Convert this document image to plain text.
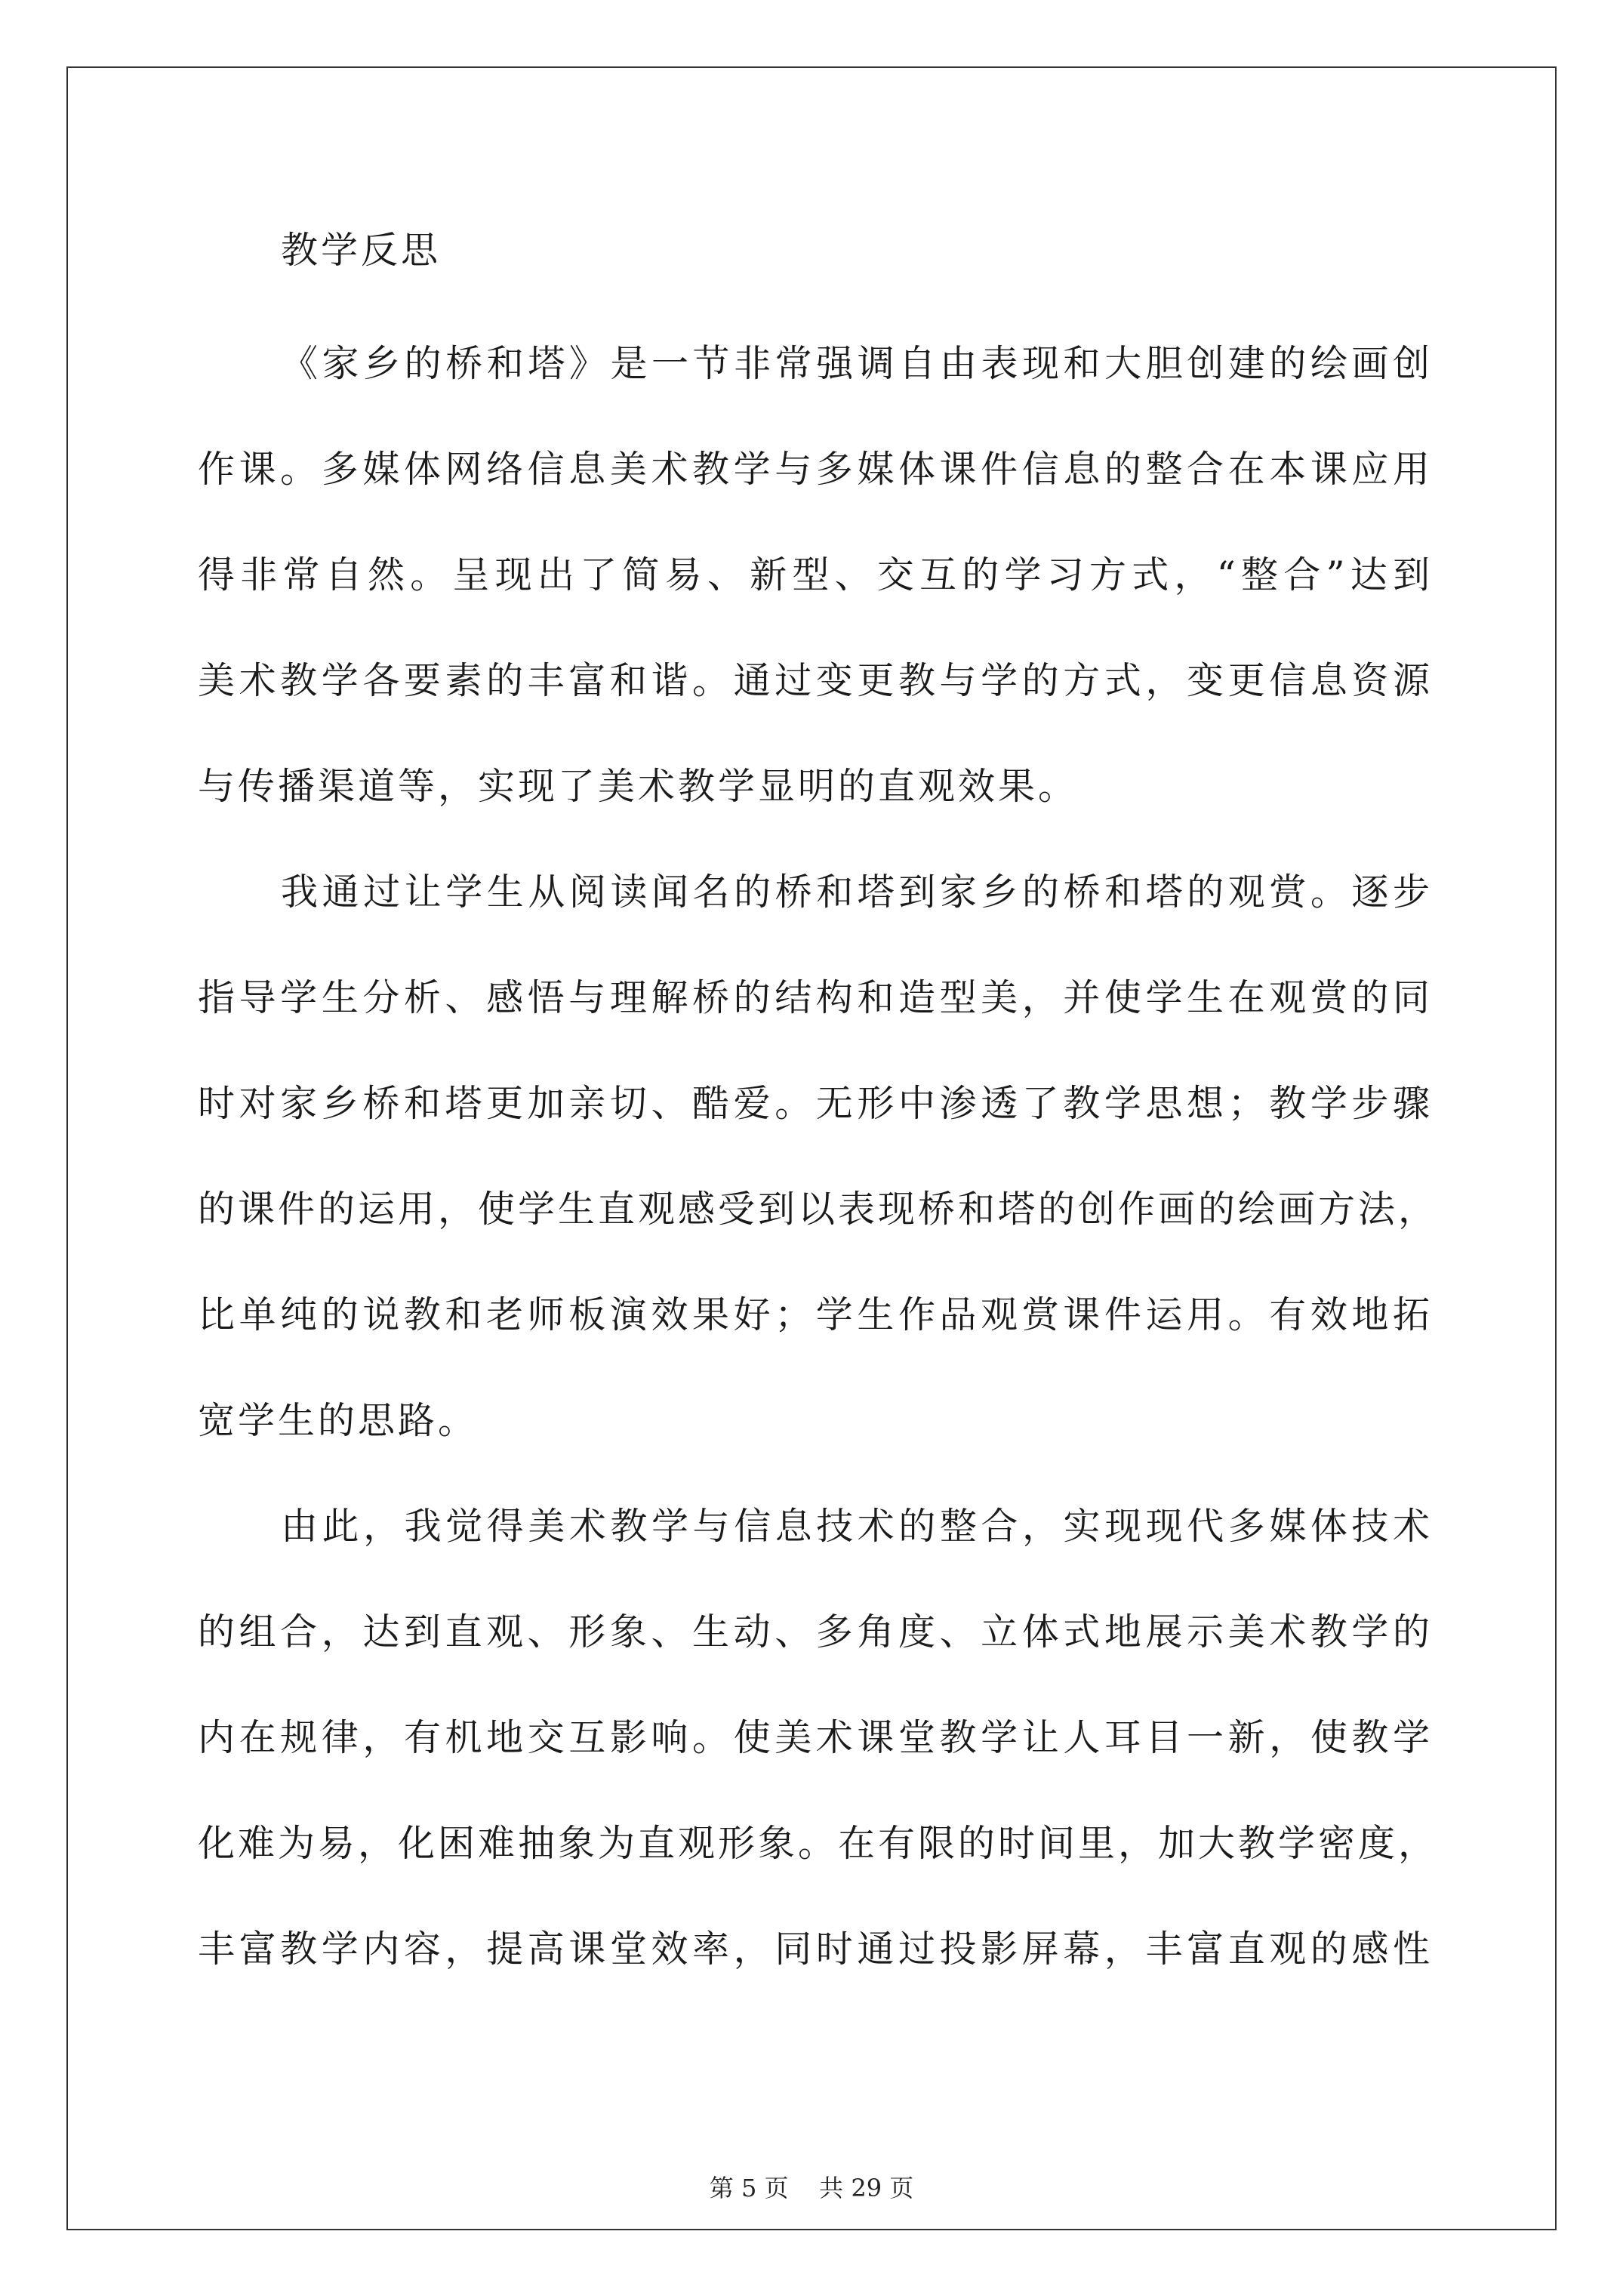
教学反思
《家乡的桥和塔》是一节非常强调自由表现和大胆创建的绘画创
作课。多媒体网络信息美术教学与多媒体课件信息的整合在本课应用
得非常自然。呈现出了简易、新型、交互的学习方式，“整合”达到
美术教学各要素的丰富和谐。通过变更教与学的方式，变更信息资源
与传播渠道等，实现了美术教学显明的直观效果。
我通过让学生从阅读闻名的桥和塔到家乡的桥和塔的观赏。逐步
指导学生分析、感悟与理解桥的结构和造型美，并使学生在观赏的同
时对家乡桥和塔更加亲切、酷爱。无形中渗透了教学思想；教学步骤
的课件的运用，使学生直观感受到以表现桥和塔的创作画的绘画方法，
比单纯的说教和老师板演效果好；学生作品观赏课件运用。有效地拓
宽学生的思路。
由此，我觉得美术教学与信息技术的整合，实现现代多媒体技术
的组合，达到直观、形象、生动、多角度、立体式地展示美术教学的
内在规律，有机地交互影响。使美术课堂教学让人耳目一新，使教学
化难为易，化困难抽象为直观形象。在有限的时间里，加大教学密度，
丰富教学内容，提高课堂效率，同时通过投影屏幕，丰富直观的感性
第 5 页    共 29 页
